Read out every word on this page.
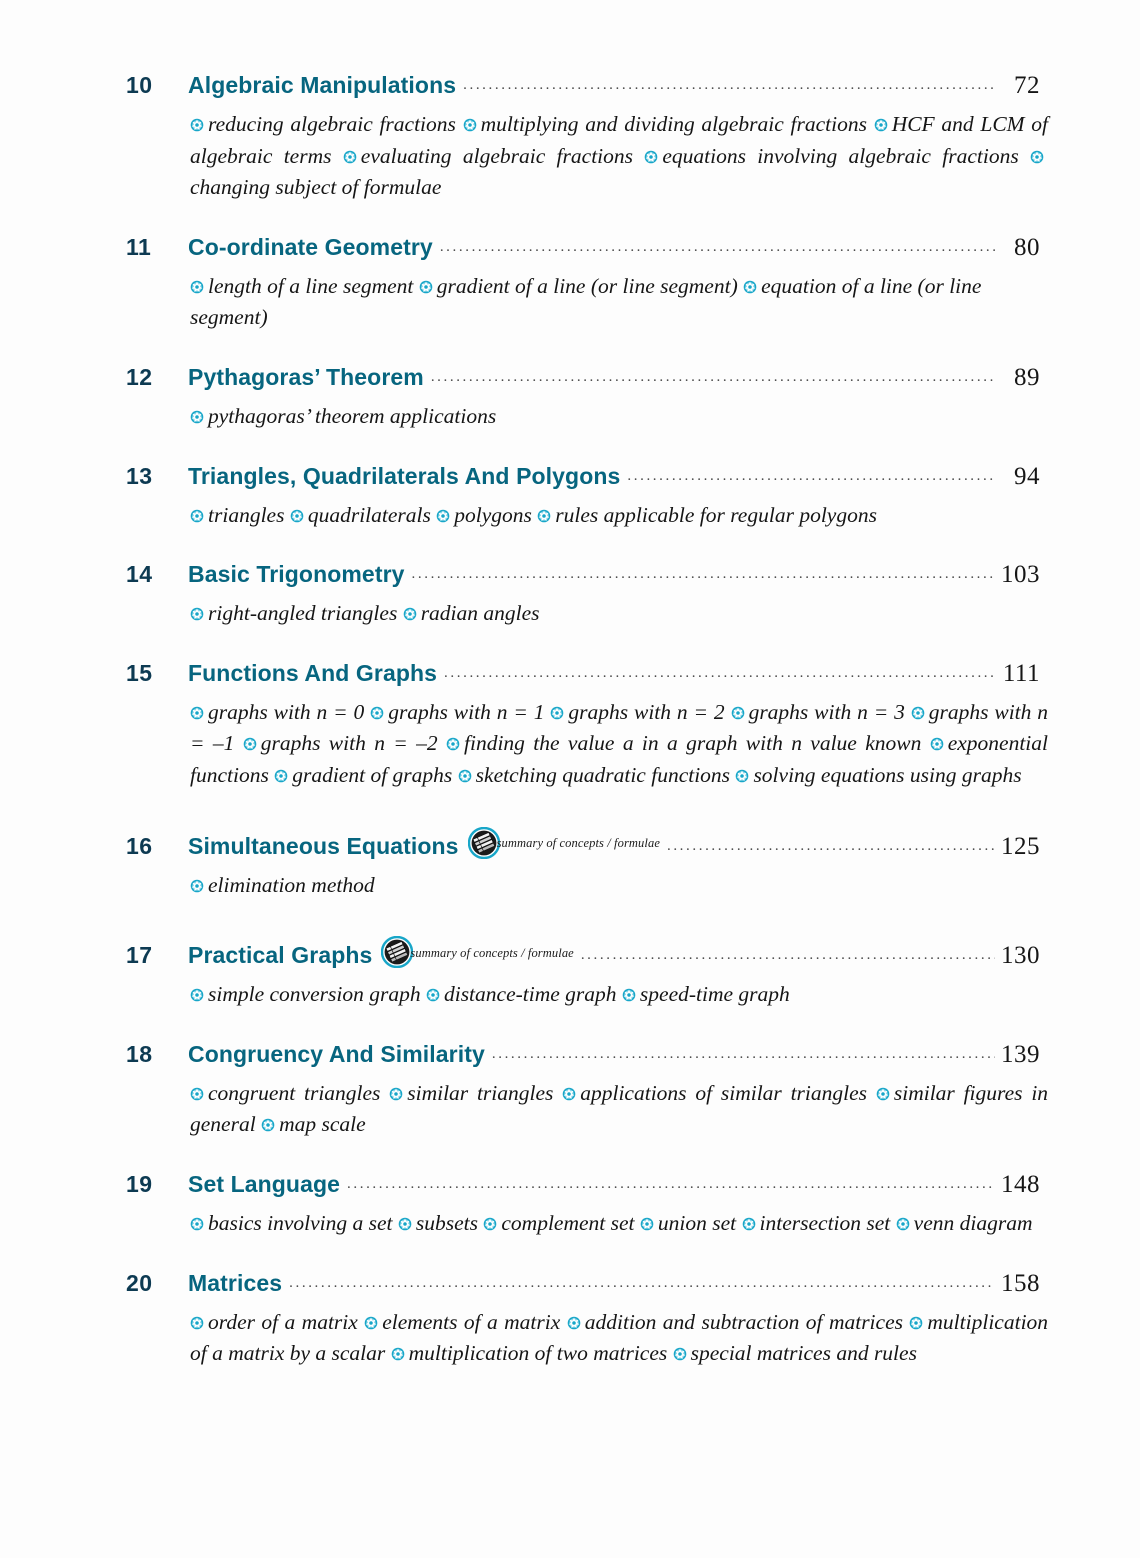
10	Algebraic Manipulations .....	72

reducing algebraic fractions multiplying and dividing algebraic fractions HCF and LCM of algebraic terms evaluating algebraic fractions equations involving algebraic fractions
changing subject of formulae

11	Co-ordinate Geometry .....	80

length of a line segment gradient of a line (or line segment) equation of a line (or line segment)

12	Pythagoras’ Theorem .....	89

pythagoras’ theorem applications

13	Triangles, Quadrilaterals And Polygons .....	94

triangles quadrilaterals polygons rules applicable for regular polygons

14	Basic Trigonometry .....	103

right-angled triangles radian angles

15	Functions And Graphs .....	111

graphs with n = 0 graphs with n = 1 graphs with n = 2 graphs with n = 3 graphs with n = –1 graphs with n = –2 finding the value a in a graph with n value known exponential functions gradient of graphs sketching quadratic functions solving equations using graphs

16	Simultaneous Equations	summary of concepts / formulae .....	125

elimination method

17	Practical Graphs	summary of concepts / formulae .....	130

simple conversion graph distance-time graph speed-time graph

18	Congruency And Similarity .....	139

congruent triangles similar triangles applications of similar triangles similar figures in general map scale

19	Set Language .....	148

basics involving a set subsets complement set union set intersection set venn diagram

20	Matrices .....	158

order of a matrix elements of a matrix addition and subtraction of matrices multiplication of a matrix by a scalar multiplication of two matrices special matrices and rules
